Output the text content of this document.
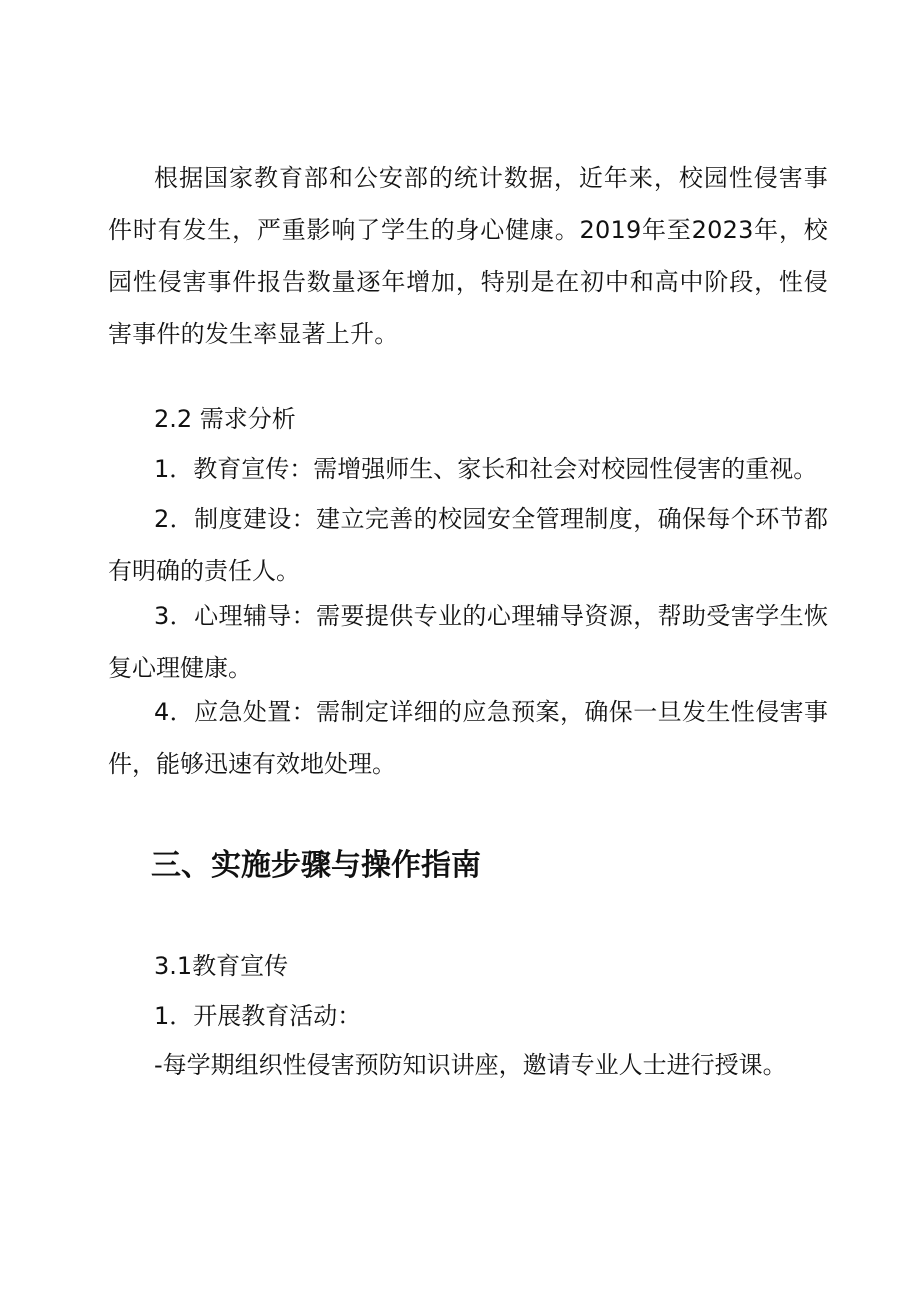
根据国家教育部和公安部的统计数据，近年来，校园性侵害事件时有发生，严重影响了学生的身心健康。2019年至2023年，校园性侵害事件报告数量逐年增加，特别是在初中和高中阶段，性侵害事件的发生率显著上升。

2.2 需求分析

1．教育宣传：需增强师生、家长和社会对校园性侵害的重视。

2．制度建设：建立完善的校园安全管理制度，确保每个环节都有明确的责任人。

3．心理辅导：需要提供专业的心理辅导资源，帮助受害学生恢复心理健康。

4．应急处置：需制定详细的应急预案，确保一旦发生性侵害事件，能够迅速有效地处理。

三、实施步骤与操作指南

3.1教育宣传

1．开展教育活动：

-每学期组织性侵害预防知识讲座，邀请专业人士进行授课。
